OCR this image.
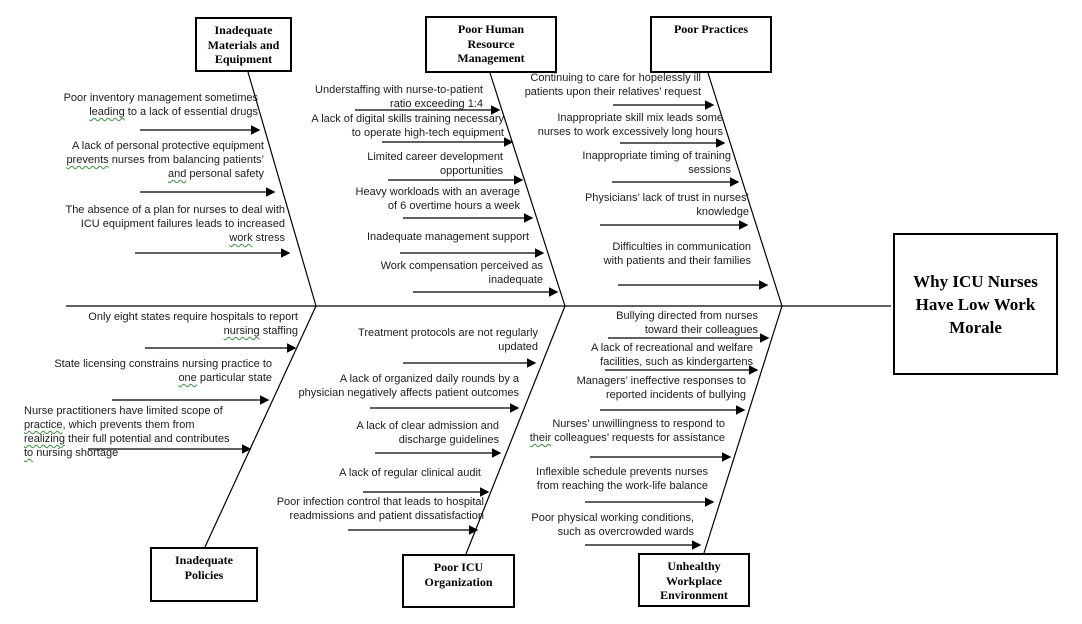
Inadequate
Materials and
Equipment
Poor Human
Resource
Management
Poor Practices
Inadequate
Policies
Poor ICU
Organization
Unhealthy
Workplace
Environment
Why ICU Nurses
Have Low Work
Morale
Poor inventory management sometimes
leading to a lack of essential drugs
A lack of personal protective equipment
prevents nurses from balancing patients’
and personal safety
The absence of a plan for nurses to deal with
ICU equipment failures leads to increased
work stress
Understaffing with nurse-to-patient
ratio exceeding 1:4
A lack of digital skills training necessary
to operate high-tech equipment
Limited career development
opportunities
Heavy workloads with an average
of 6 overtime hours a week
Inadequate management support
Work compensation perceived as
inadequate
Continuing to care for hopelessly ill
patients upon their relatives’ request
Inappropriate skill mix leads some
nurses to work excessively long hours
Inappropriate timing of training
sessions
Physicians’ lack of trust in nurses’
knowledge
Difficulties in communication
with patients and their families
Only eight states require hospitals to report
nursing staffing
State licensing constrains nursing practice to
one particular state
Nurse practitioners have limited scope of
practice, which prevents them from
realizing their full potential and contributes
to nursing shortage
Treatment protocols are not regularly
updated
A lack of organized daily rounds by a
physician negatively affects patient outcomes
A lack of clear admission and
discharge guidelines
A lack of regular clinical audit
Poor infection control that leads to hospital
readmissions and patient dissatisfaction
Bullying directed from nurses
toward their colleagues
A lack of recreational and welfare
facilities, such as kindergartens
Managers’ ineffective responses to
reported incidents of bullying
Nurses’ unwillingness to respond to
their colleagues’ requests for assistance
Inflexible schedule prevents nurses
from reaching the work-life balance
Poor physical working conditions,
such as overcrowded wards
